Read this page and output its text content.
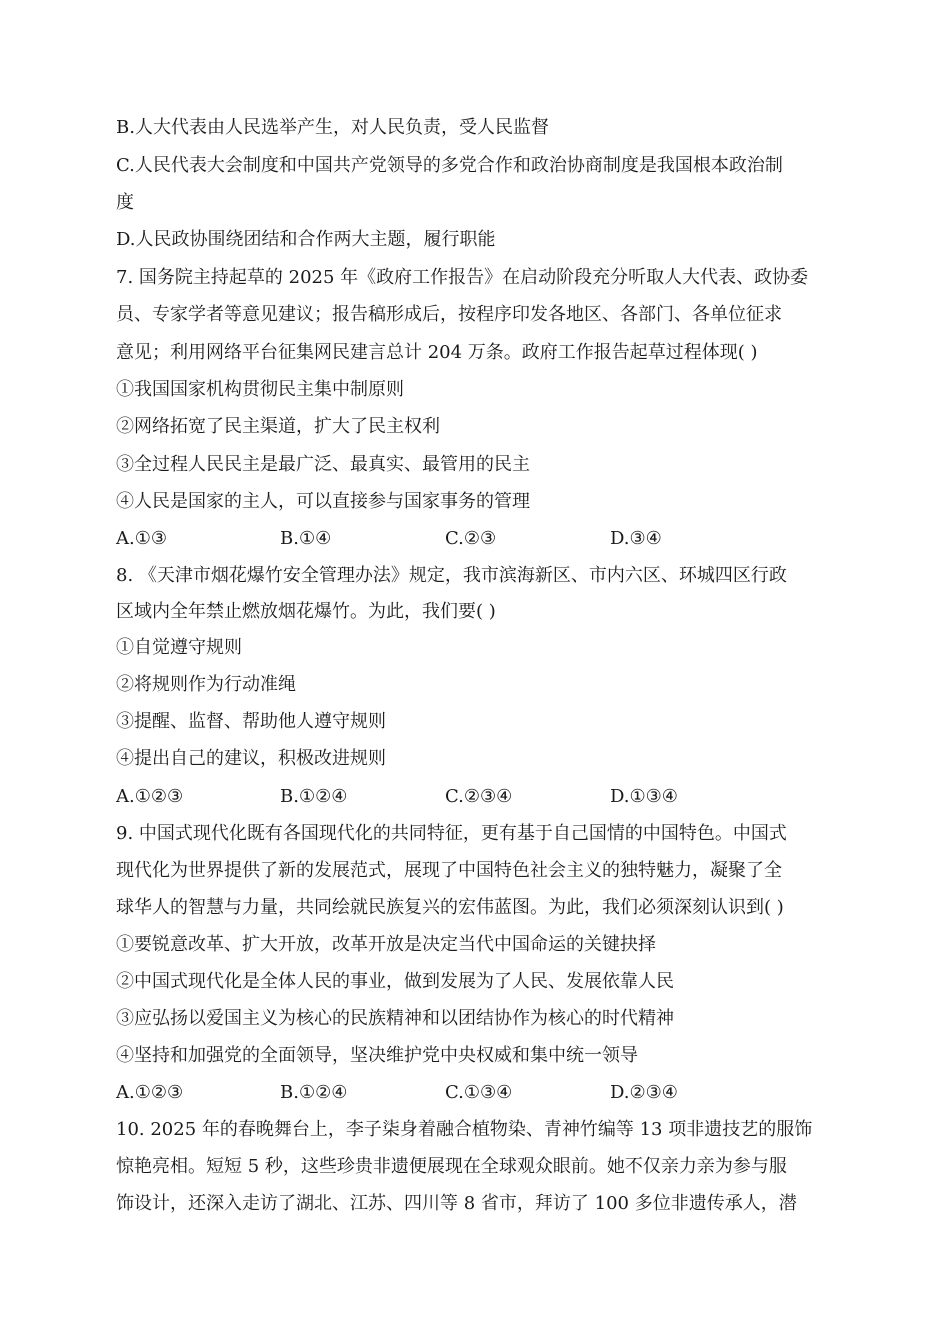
B.人大代表由人民选举产生，对人民负责，受人民监督
C.人民代表大会制度和中国共产党领导的多党合作和政治协商制度是我国根本政治制
度
D.人民政协围绕团结和合作两大主题，履行职能
7. 国务院主持起草的 2025 年《政府工作报告》在启动阶段充分听取人大代表、政协委
员、专家学者等意见建议；报告稿形成后，按程序印发各地区、各部门、各单位征求
意见；利用网络平台征集网民建言总计 204 万条。政府工作报告起草过程体现( )
①我国国家机构贯彻民主集中制原则
②网络拓宽了民主渠道，扩大了民主权利
③全过程人民民主是最广泛、最真实、最管用的民主
④人民是国家的主人，可以直接参与国家事务的管理
A.①③	B.①④	C.②③	D.③④
8. 《天津市烟花爆竹安全管理办法》规定，我市滨海新区、市内六区、环城四区行政
区域内全年禁止燃放烟花爆竹。为此，我们要( )
①自觉遵守规则
②将规则作为行动准绳
③提醒、监督、帮助他人遵守规则
④提出自己的建议，积极改进规则
A.①②③	B.①②④	C.②③④	D.①③④
9. 中国式现代化既有各国现代化的共同特征，更有基于自己国情的中国特色。中国式
现代化为世界提供了新的发展范式，展现了中国特色社会主义的独特魅力，凝聚了全
球华人的智慧与力量，共同绘就民族复兴的宏伟蓝图。为此，我们必须深刻认识到( )
①要锐意改革、扩大开放，改革开放是决定当代中国命运的关键抉择
②中国式现代化是全体人民的事业，做到发展为了人民、发展依靠人民
③应弘扬以爱国主义为核心的民族精神和以团结协作为核心的时代精神
④坚持和加强党的全面领导，坚决维护党中央权威和集中统一领导
A.①②③	B.①②④	C.①③④	D.②③④
10. 2025 年的春晚舞台上，李子柒身着融合植物染、青神竹编等 13 项非遗技艺的服饰
惊艳亮相。短短 5 秒，这些珍贵非遗便展现在全球观众眼前。她不仅亲力亲为参与服
饰设计，还深入走访了湖北、江苏、四川等 8 省市，拜访了 100 多位非遗传承人，潜
